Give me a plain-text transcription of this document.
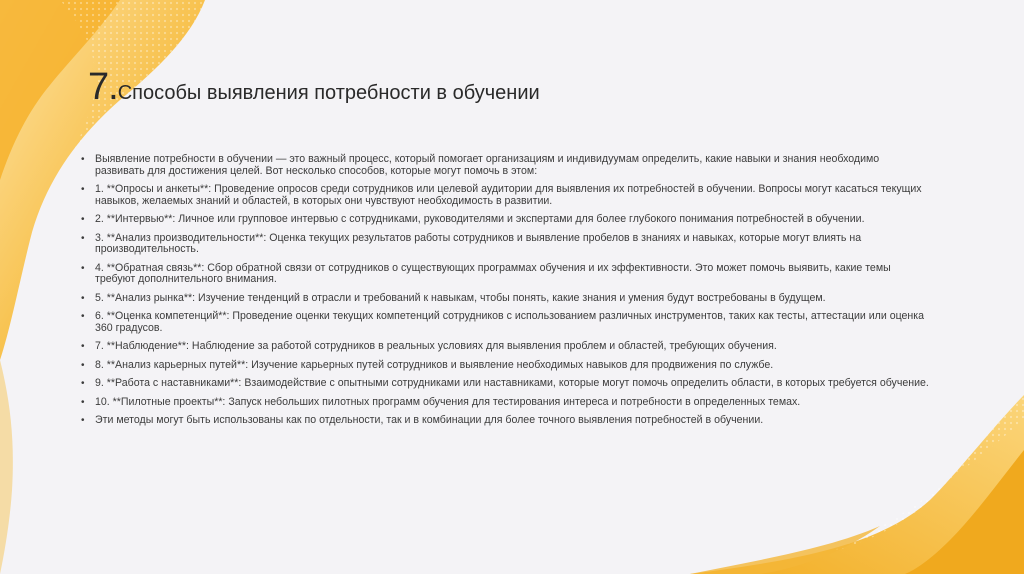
7.Способы выявления потребности в обучении
• Выявление потребности в обучении — это важный процесс, который помогает организациям и индивидуумам определить, какие навыки и знания необходимо развивать для достижения целей. Вот несколько способов, которые могут помочь в этом:
• 1. **Опросы и анкеты**: Проведение опросов среди сотрудников или целевой аудитории для выявления их потребностей в обучении. Вопросы могут касаться текущих навыков, желаемых знаний и областей, в которых они чувствуют необходимость в развитии.
• 2. **Интервью**: Личное или групповое интервью с сотрудниками, руководителями и экспертами для более глубокого понимания потребностей в обучении.
• 3. **Анализ производительности**: Оценка текущих результатов работы сотрудников и выявление пробелов в знаниях и навыках, которые могут влиять на производительность.
• 4. **Обратная связь**: Сбор обратной связи от сотрудников о существующих программах обучения и их эффективности. Это может помочь выявить, какие темы требуют дополнительного внимания.
• 5. **Анализ рынка**: Изучение тенденций в отрасли и требований к навыкам, чтобы понять, какие знания и умения будут востребованы в будущем.
• 6. **Оценка компетенций**: Проведение оценки текущих компетенций сотрудников с использованием различных инструментов, таких как тесты, аттестации или оценка 360 градусов.
• 7. **Наблюдение**: Наблюдение за работой сотрудников в реальных условиях для выявления проблем и областей, требующих обучения.
• 8. **Анализ карьерных путей**: Изучение карьерных путей сотрудников и выявление необходимых навыков для продвижения по службе.
• 9. **Работа с наставниками**: Взаимодействие с опытными сотрудниками или наставниками, которые могут помочь определить области, в которых требуется обучение.
• 10. **Пилотные проекты**: Запуск небольших пилотных программ обучения для тестирования интереса и потребности в определенных темах.
• Эти методы могут быть использованы как по отдельности, так и в комбинации для более точного выявления потребностей в обучении.
